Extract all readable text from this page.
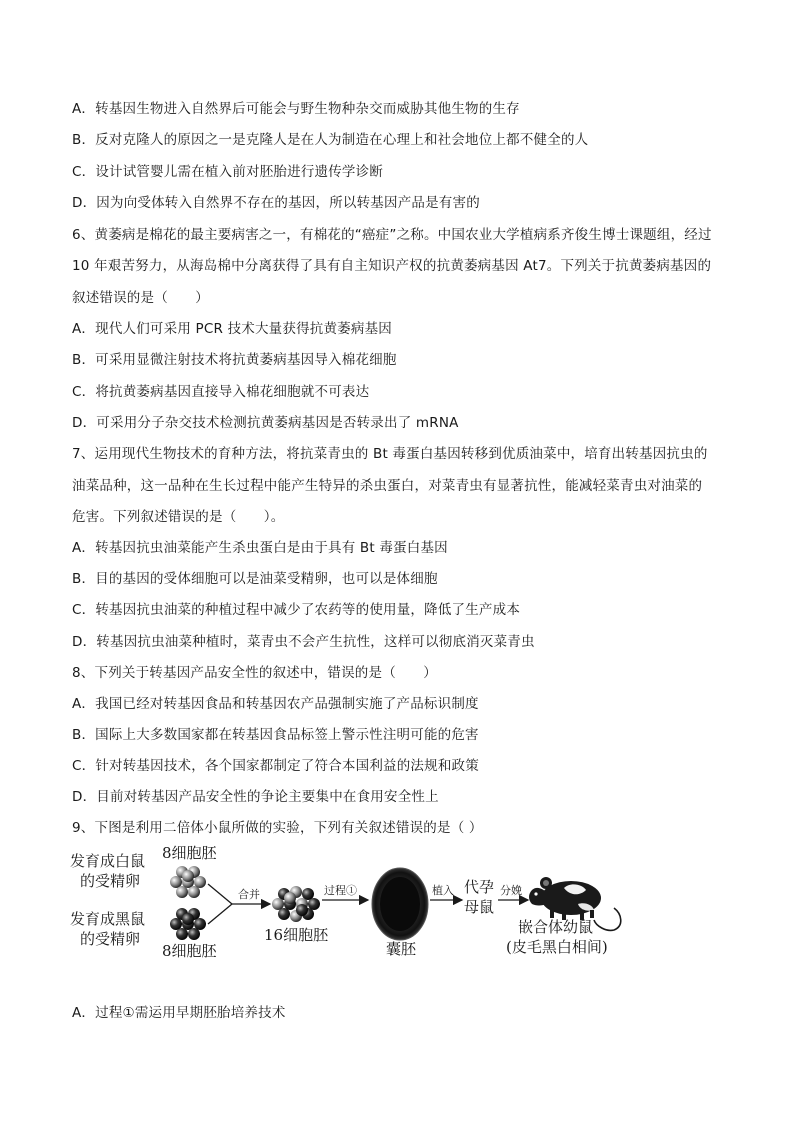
A．转基因生物进入自然界后可能会与野生物种杂交而威胁其他生物的生存
B．反对克隆人的原因之一是克隆人是在人为制造在心理上和社会地位上都不健全的人
C．设计试管婴儿需在植入前对胚胎进行遗传学诊断
D．因为向受体转入自然界不存在的基因，所以转基因产品是有害的
6、黄萎病是棉花的最主要病害之一，有棉花的“癌症”之称。中国农业大学植病系齐俊生博士课题组，经过
10 年艰苦努力，从海岛棉中分离获得了具有自主知识产权的抗黄萎病基因 At7。下列关于抗黄萎病基因的
叙述错误的是（　　）
A．现代人们可采用 PCR 技术大量获得抗黄萎病基因
B．可采用显微注射技术将抗黄萎病基因导入棉花细胞
C．将抗黄萎病基因直接导入棉花细胞就不可表达
D．可采用分子杂交技术检测抗黄萎病基因是否转录出了 mRNA
7、运用现代生物技术的育种方法，将抗菜青虫的 Bt 毒蛋白基因转移到优质油菜中，培育出转基因抗虫的
油菜品种，这一品种在生长过程中能产生特异的杀虫蛋白，对菜青虫有显著抗性，能减轻菜青虫对油菜的
危害。下列叙述错误的是（　　）。
A．转基因抗虫油菜能产生杀虫蛋白是由于具有 Bt 毒蛋白基因
B．目的基因的受体细胞可以是油菜受精卵，也可以是体细胞
C．转基因抗虫油菜的种植过程中减少了农药等的使用量，降低了生产成本
D．转基因抗虫油菜种植时，菜青虫不会产生抗性，这样可以彻底消灭菜青虫
8、下列关于转基因产品安全性的叙述中，错误的是（　　）
A．我国已经对转基因食品和转基因农产品强制实施了产品标识制度
B．国际上大多数国家都在转基因食品标签上警示性注明可能的危害
C．针对转基因技术，各个国家都制定了符合本国利益的法规和政策
D．目前对转基因产品安全性的争论主要集中在食用安全性上
9、下图是利用二倍体小鼠所做的实验，下列有关叙述错误的是（ ）
发育成白鼠
的受精卵
发育成黑鼠
的受精卵
8细胞胚
8细胞胚
合并
16细胞胚
过程①
囊胚
植入 代孕
母鼠
分娩
嵌合体幼鼠
(皮毛黑白相间)
A．过程①需运用早期胚胎培养技术
